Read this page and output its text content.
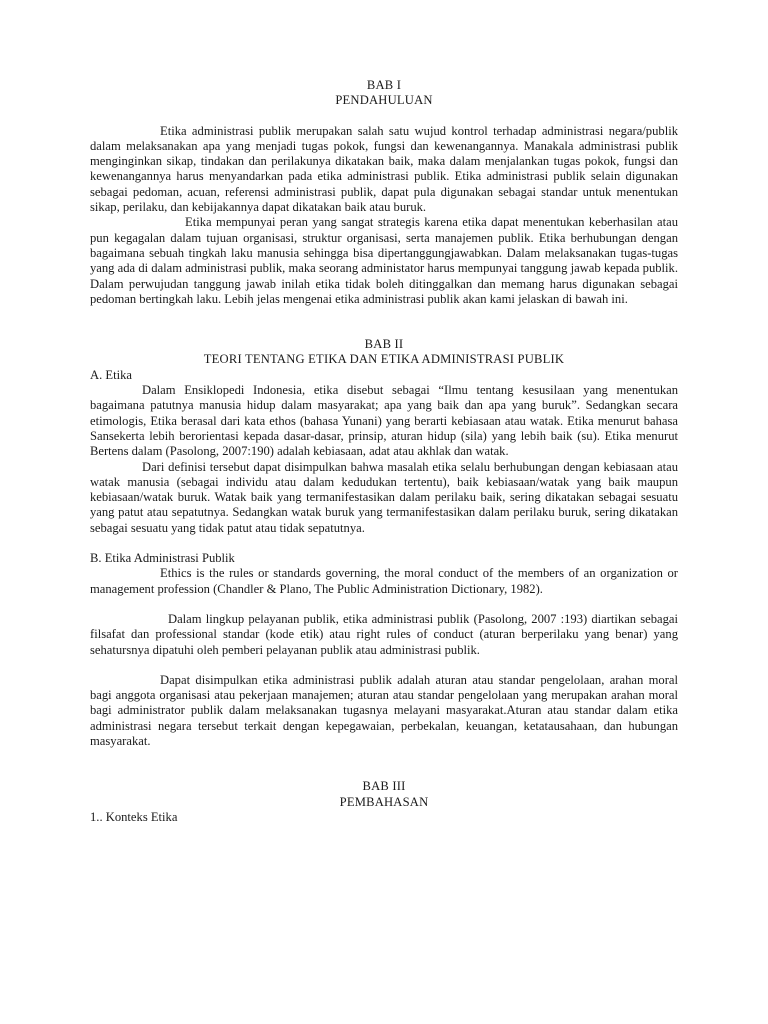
BAB I
PENDAHULUAN

Etika administrasi publik merupakan salah satu wujud kontrol terhadap administrasi negara/publik dalam melaksanakan apa yang menjadi tugas pokok, fungsi dan kewenangannya. Manakala administrasi publik menginginkan sikap, tindakan dan perilakunya dikatakan baik, maka dalam menjalankan tugas pokok, fungsi dan kewenangannya harus menyandarkan pada etika administrasi publik. Etika administrasi publik selain digunakan sebagai pedoman, acuan, referensi administrasi publik, dapat pula digunakan sebagai standar untuk menentukan sikap, perilaku, dan kebijakannya dapat dikatakan baik atau buruk.

Etika mempunyai peran yang sangat strategis karena etika dapat menentukan keberhasilan atau pun kegagalan dalam tujuan organisasi, struktur organisasi, serta manajemen publik. Etika berhubungan dengan bagaimana sebuah tingkah laku manusia sehingga bisa dipertanggungjawabkan. Dalam melaksanakan tugas-tugas yang ada di dalam administrasi publik, maka seorang administator harus mempunyai tanggung jawab kepada publik. Dalam perwujudan tanggung jawab inilah etika tidak boleh ditinggalkan dan memang harus digunakan sebagai pedoman bertingkah laku. Lebih jelas mengenai etika administrasi publik akan kami jelaskan di bawah ini.

BAB II
TEORI TENTANG ETIKA DAN ETIKA ADMINISTRASI PUBLIK
A. Etika

Dalam Ensiklopedi Indonesia, etika disebut sebagai “Ilmu tentang kesusilaan yang menentukan bagaimana patutnya manusia hidup dalam masyarakat; apa yang baik dan apa yang buruk”. Sedangkan secara etimologis, Etika berasal dari kata ethos (bahasa Yunani) yang berarti kebiasaan atau watak. Etika menurut bahasa Sansekerta lebih berorientasi kepada dasar-dasar, prinsip, aturan hidup (sila) yang lebih baik (su). Etika menurut Bertens dalam (Pasolong, 2007:190) adalah kebiasaan, adat atau akhlak dan watak.

Dari definisi tersebut dapat disimpulkan bahwa masalah etika selalu berhubungan dengan kebiasaan atau watak manusia (sebagai individu atau dalam kedudukan tertentu), baik kebiasaan/watak yang baik maupun kebiasaan/watak buruk. Watak baik yang termanifestasikan dalam perilaku baik, sering dikatakan sebagai sesuatu yang patut atau sepatutnya. Sedangkan watak buruk yang termanifestasikan dalam perilaku buruk, sering dikatakan sebagai sesuatu yang tidak patut atau tidak sepatutnya.

B. Etika Administrasi Publik

Ethics is the rules or standards governing, the moral conduct of the members of an organization or management profession (Chandler & Plano, The Public Administration Dictionary, 1982).

Dalam lingkup pelayanan publik, etika administrasi publik (Pasolong, 2007 :193) diartikan sebagai filsafat dan professional standar (kode etik) atau right rules of conduct (aturan berperilaku yang benar) yang sehatursnya dipatuhi oleh pemberi pelayanan publik atau administrasi publik.

Dapat disimpulkan etika administrasi publik adalah aturan atau standar pengelolaan, arahan moral bagi anggota organisasi atau pekerjaan manajemen; aturan atau standar pengelolaan yang merupakan arahan moral bagi administrator publik dalam melaksanakan tugasnya melayani masyarakat.Aturan atau standar dalam etika administrasi negara tersebut terkait dengan kepegawaian, perbekalan, keuangan, ketatausahaan, dan hubungan masyarakat.

BAB III
PEMBAHASAN
1.. Konteks Etika
